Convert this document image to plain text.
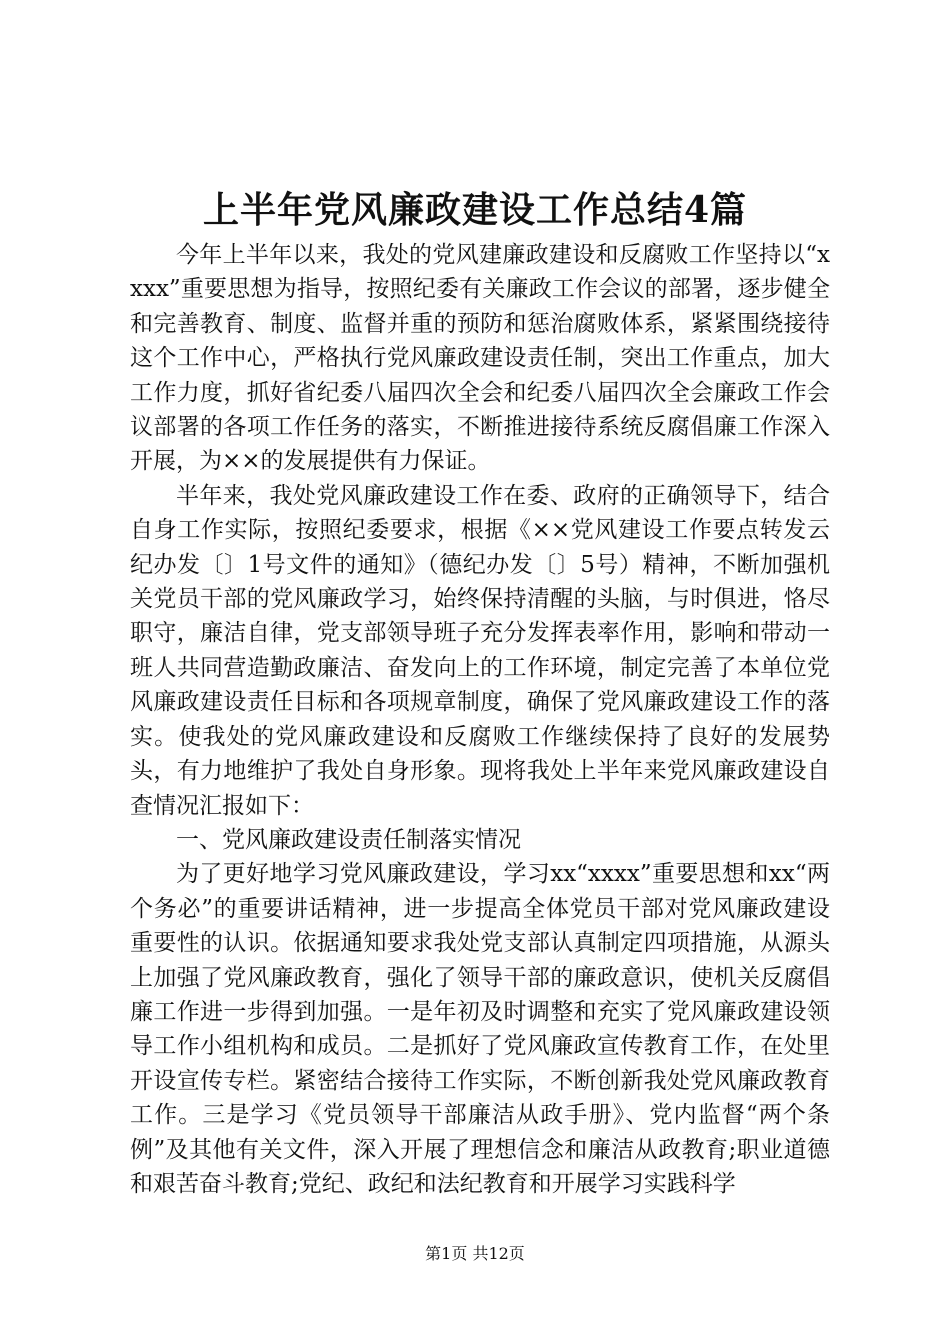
上半年党风廉政建设工作总结4篇

今年上半年以来，我处的党风建廉政建设和反腐败工作坚持以“xxxx”重要思想为指导，按照纪委有关廉政工作会议的部署，逐步健全和完善教育、制度、监督并重的预防和惩治腐败体系，紧紧围绕接待这个工作中心，严格执行党风廉政建设责任制，突出工作重点，加大工作力度，抓好省纪委八届四次全会和纪委八届四次全会廉政工作会议部署的各项工作任务的落实，不断推进接待系统反腐倡廉工作深入开展，为××的发展提供有力保证。

半年来，我处党风廉政建设工作在委、政府的正确领导下，结合自身工作实际，按照纪委要求，根据《××党风建设工作要点转发云纪办发〔〕1号文件的通知》（德纪办发〔〕5号）精神，不断加强机关党员干部的党风廉政学习，始终保持清醒的头脑，与时俱进，恪尽职守，廉洁自律，党支部领导班子充分发挥表率作用，影响和带动一班人共同营造勤政廉洁、奋发向上的工作环境，制定完善了本单位党风廉政建设责任目标和各项规章制度，确保了党风廉政建设工作的落实。使我处的党风廉政建设和反腐败工作继续保持了良好的发展势头，有力地维护了我处自身形象。现将我处上半年来党风廉政建设自查情况汇报如下：

一、党风廉政建设责任制落实情况

为了更好地学习党风廉政建设，学习xx“xxxx”重要思想和xx“两个务必”的重要讲话精神，进一步提高全体党员干部对党风廉政建设重要性的认识。依据通知要求我处党支部认真制定四项措施，从源头上加强了党风廉政教育，强化了领导干部的廉政意识，使机关反腐倡廉工作进一步得到加强。一是年初及时调整和充实了党风廉政建设领导工作小组机构和成员。二是抓好了党风廉政宣传教育工作，在处里开设宣传专栏。紧密结合接待工作实际，不断创新我处党风廉政教育工作。三是学习《党员领导干部廉洁从政手册》、党内监督“两个条例”及其他有关文件，深入开展了理想信念和廉洁从政教育;职业道德和艰苦奋斗教育;党纪、政纪和法纪教育和开展学习实践科学

第1页 共12页
